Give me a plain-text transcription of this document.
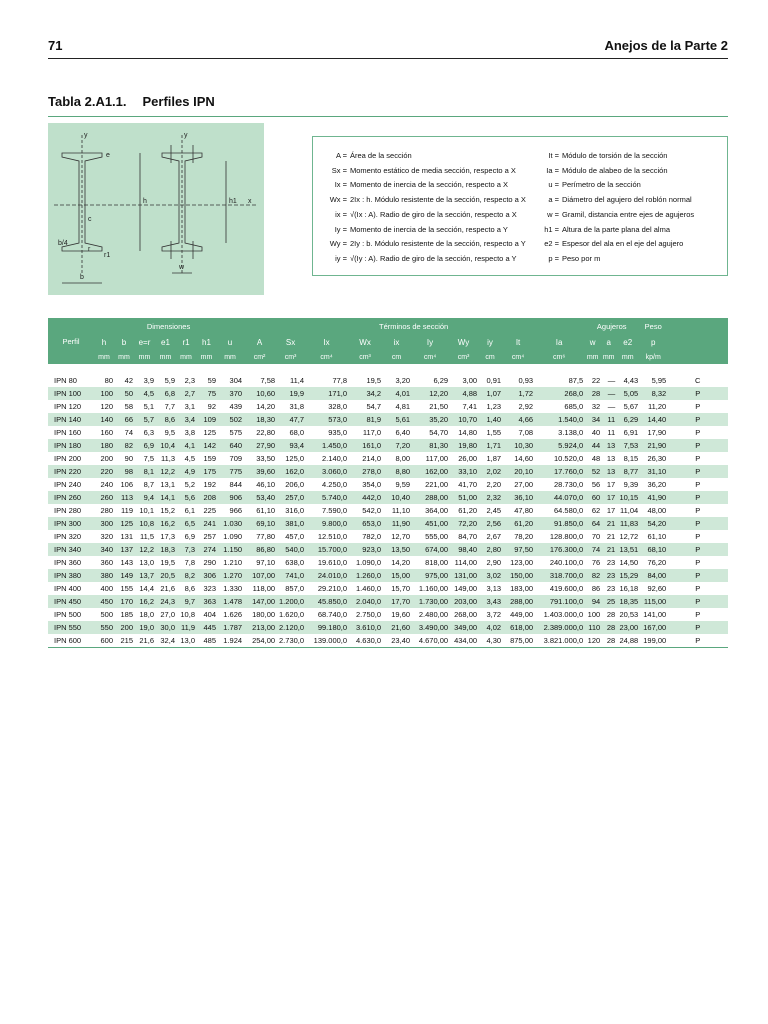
71	Anejos de la Parte 2
Tabla 2.A1.1. Perfiles IPN
y	y
e
c
h	h1 x
b/4
r
r1
b
w
A = Área de la sección
Sx = Momento estático de media sección, respecto a X
Ix = Momento de inercia de la sección, respecto a X
Wx = 2Ix : h. Módulo resistente de la sección, respecto a X
ix = √(Ix : A). Radio de giro de la sección, respecto a X
Iy = Momento de inercia de la sección, respecto a Y
Wy = 2Iy : b. Módulo resistente de la sección, respecto a Y
iy = √(Iy : A). Radio de giro de la sección, respecto a Y
It = Módulo de torsión de la sección
Ia = Módulo de alabeo de la sección
u = Perímetro de la sección
a = Diámetro del agujero del roblón normal
w = Gramil, distancia entre ejes de agujeros
h1 = Altura de la parte plana del alma
e2 = Espesor del ala en el eje del agujero
p = Peso por m
Perfil	Dimensiones							Términos de sección										Agujeros			Peso	
	h	b	e=r	e1	r1	h1	u	A	Sx	Ix	Wx	ix	Iy	Wy	iy	It	Ia	w	a	e2	p	
	mm	mm	mm	mm	mm	mm	mm	cm²	cm³	cm⁴	cm³	cm	cm⁴	cm³	cm	cm⁴	cm⁶	mm	mm	mm	kp/m	

IPN 80	80	42	3,9	5,9	2,3	59	304	7,58	11,4	77,8	19,5	3,20	6,29	3,00	0,91	0,93	87,5	22	—	4,43	5,95	C
IPN 100	100	50	4,5	6,8	2,7	75	370	10,60	19,9	171,0	34,2	4,01	12,20	4,88	1,07	1,72	268,0	28	—	5,05	8,32	P
IPN 120	120	58	5,1	7,7	3,1	92	439	14,20	31,8	328,0	54,7	4,81	21,50	7,41	1,23	2,92	685,0	32	—	5,67	11,20	P
IPN 140	140	66	5,7	8,6	3,4	109	502	18,30	47,7	573,0	81,9	5,61	35,20	10,70	1,40	4,66	1.540,0	34	11	6,29	14,40	P
IPN 160	160	74	6,3	9,5	3,8	125	575	22,80	68,0	935,0	117,0	6,40	54,70	14,80	1,55	7,08	3.138,0	40	11	6,91	17,90	P
IPN 180	180	82	6,9	10,4	4,1	142	640	27,90	93,4	1.450,0	161,0	7,20	81,30	19,80	1,71	10,30	5.924,0	44	13	7,53	21,90	P
IPN 200	200	90	7,5	11,3	4,5	159	709	33,50	125,0	2.140,0	214,0	8,00	117,00	26,00	1,87	14,60	10.520,0	48	13	8,15	26,30	P
IPN 220	220	98	8,1	12,2	4,9	175	775	39,60	162,0	3.060,0	278,0	8,80	162,00	33,10	2,02	20,10	17.760,0	52	13	8,77	31,10	P
IPN 240	240	106	8,7	13,1	5,2	192	844	46,10	206,0	4.250,0	354,0	9,59	221,00	41,70	2,20	27,00	28.730,0	56	17	9,39	36,20	P
IPN 260	260	113	9,4	14,1	5,6	208	906	53,40	257,0	5.740,0	442,0	10,40	288,00	51,00	2,32	36,10	44.070,0	60	17	10,15	41,90	P
IPN 280	280	119	10,1	15,2	6,1	225	966	61,10	316,0	7.590,0	542,0	11,10	364,00	61,20	2,45	47,80	64.580,0	62	17	11,04	48,00	P
IPN 300	300	125	10,8	16,2	6,5	241	1.030	69,10	381,0	9.800,0	653,0	11,90	451,00	72,20	2,56	61,20	91.850,0	64	21	11,83	54,20	P
IPN 320	320	131	11,5	17,3	6,9	257	1.090	77,80	457,0	12.510,0	782,0	12,70	555,00	84,70	2,67	78,20	128.800,0	70	21	12,72	61,10	P
IPN 340	340	137	12,2	18,3	7,3	274	1.150	86,80	540,0	15.700,0	923,0	13,50	674,00	98,40	2,80	97,50	176.300,0	74	21	13,51	68,10	P
IPN 360	360	143	13,0	19,5	7,8	290	1.210	97,10	638,0	19.610,0	1.090,0	14,20	818,00	114,00	2,90	123,00	240.100,0	76	23	14,50	76,20	P
IPN 380	380	149	13,7	20,5	8,2	306	1.270	107,00	741,0	24.010,0	1.260,0	15,00	975,00	131,00	3,02	150,00	318.700,0	82	23	15,29	84,00	P
IPN 400	400	155	14,4	21,6	8,6	323	1.330	118,00	857,0	29.210,0	1.460,0	15,70	1.160,00	149,00	3,13	183,00	419.600,0	86	23	16,18	92,60	P
IPN 450	450	170	16,2	24,3	9,7	363	1.478	147,00	1.200,0	45.850,0	2.040,0	17,70	1.730,00	203,00	3,43	288,00	791.100,0	94	25	18,35	115,00	P
IPN 500	500	185	18,0	27,0	10,8	404	1.626	180,00	1.620,0	68.740,0	2.750,0	19,60	2.480,00	268,00	3,72	449,00	1.403.000,0	100	28	20,53	141,00	P
IPN 550	550	200	19,0	30,0	11,9	445	1.787	213,00	2.120,0	99.180,0	3.610,0	21,60	3.490,00	349,00	4,02	618,00	2.389.000,0	110	28	23,00	167,00	P
IPN 600	600	215	21,6	32,4	13,0	485	1.924	254,00	2.730,0	139.000,0	4.630,0	23,40	4.670,00	434,00	4,30	875,00	3.821.000,0	120	28	24,88	199,00	P
